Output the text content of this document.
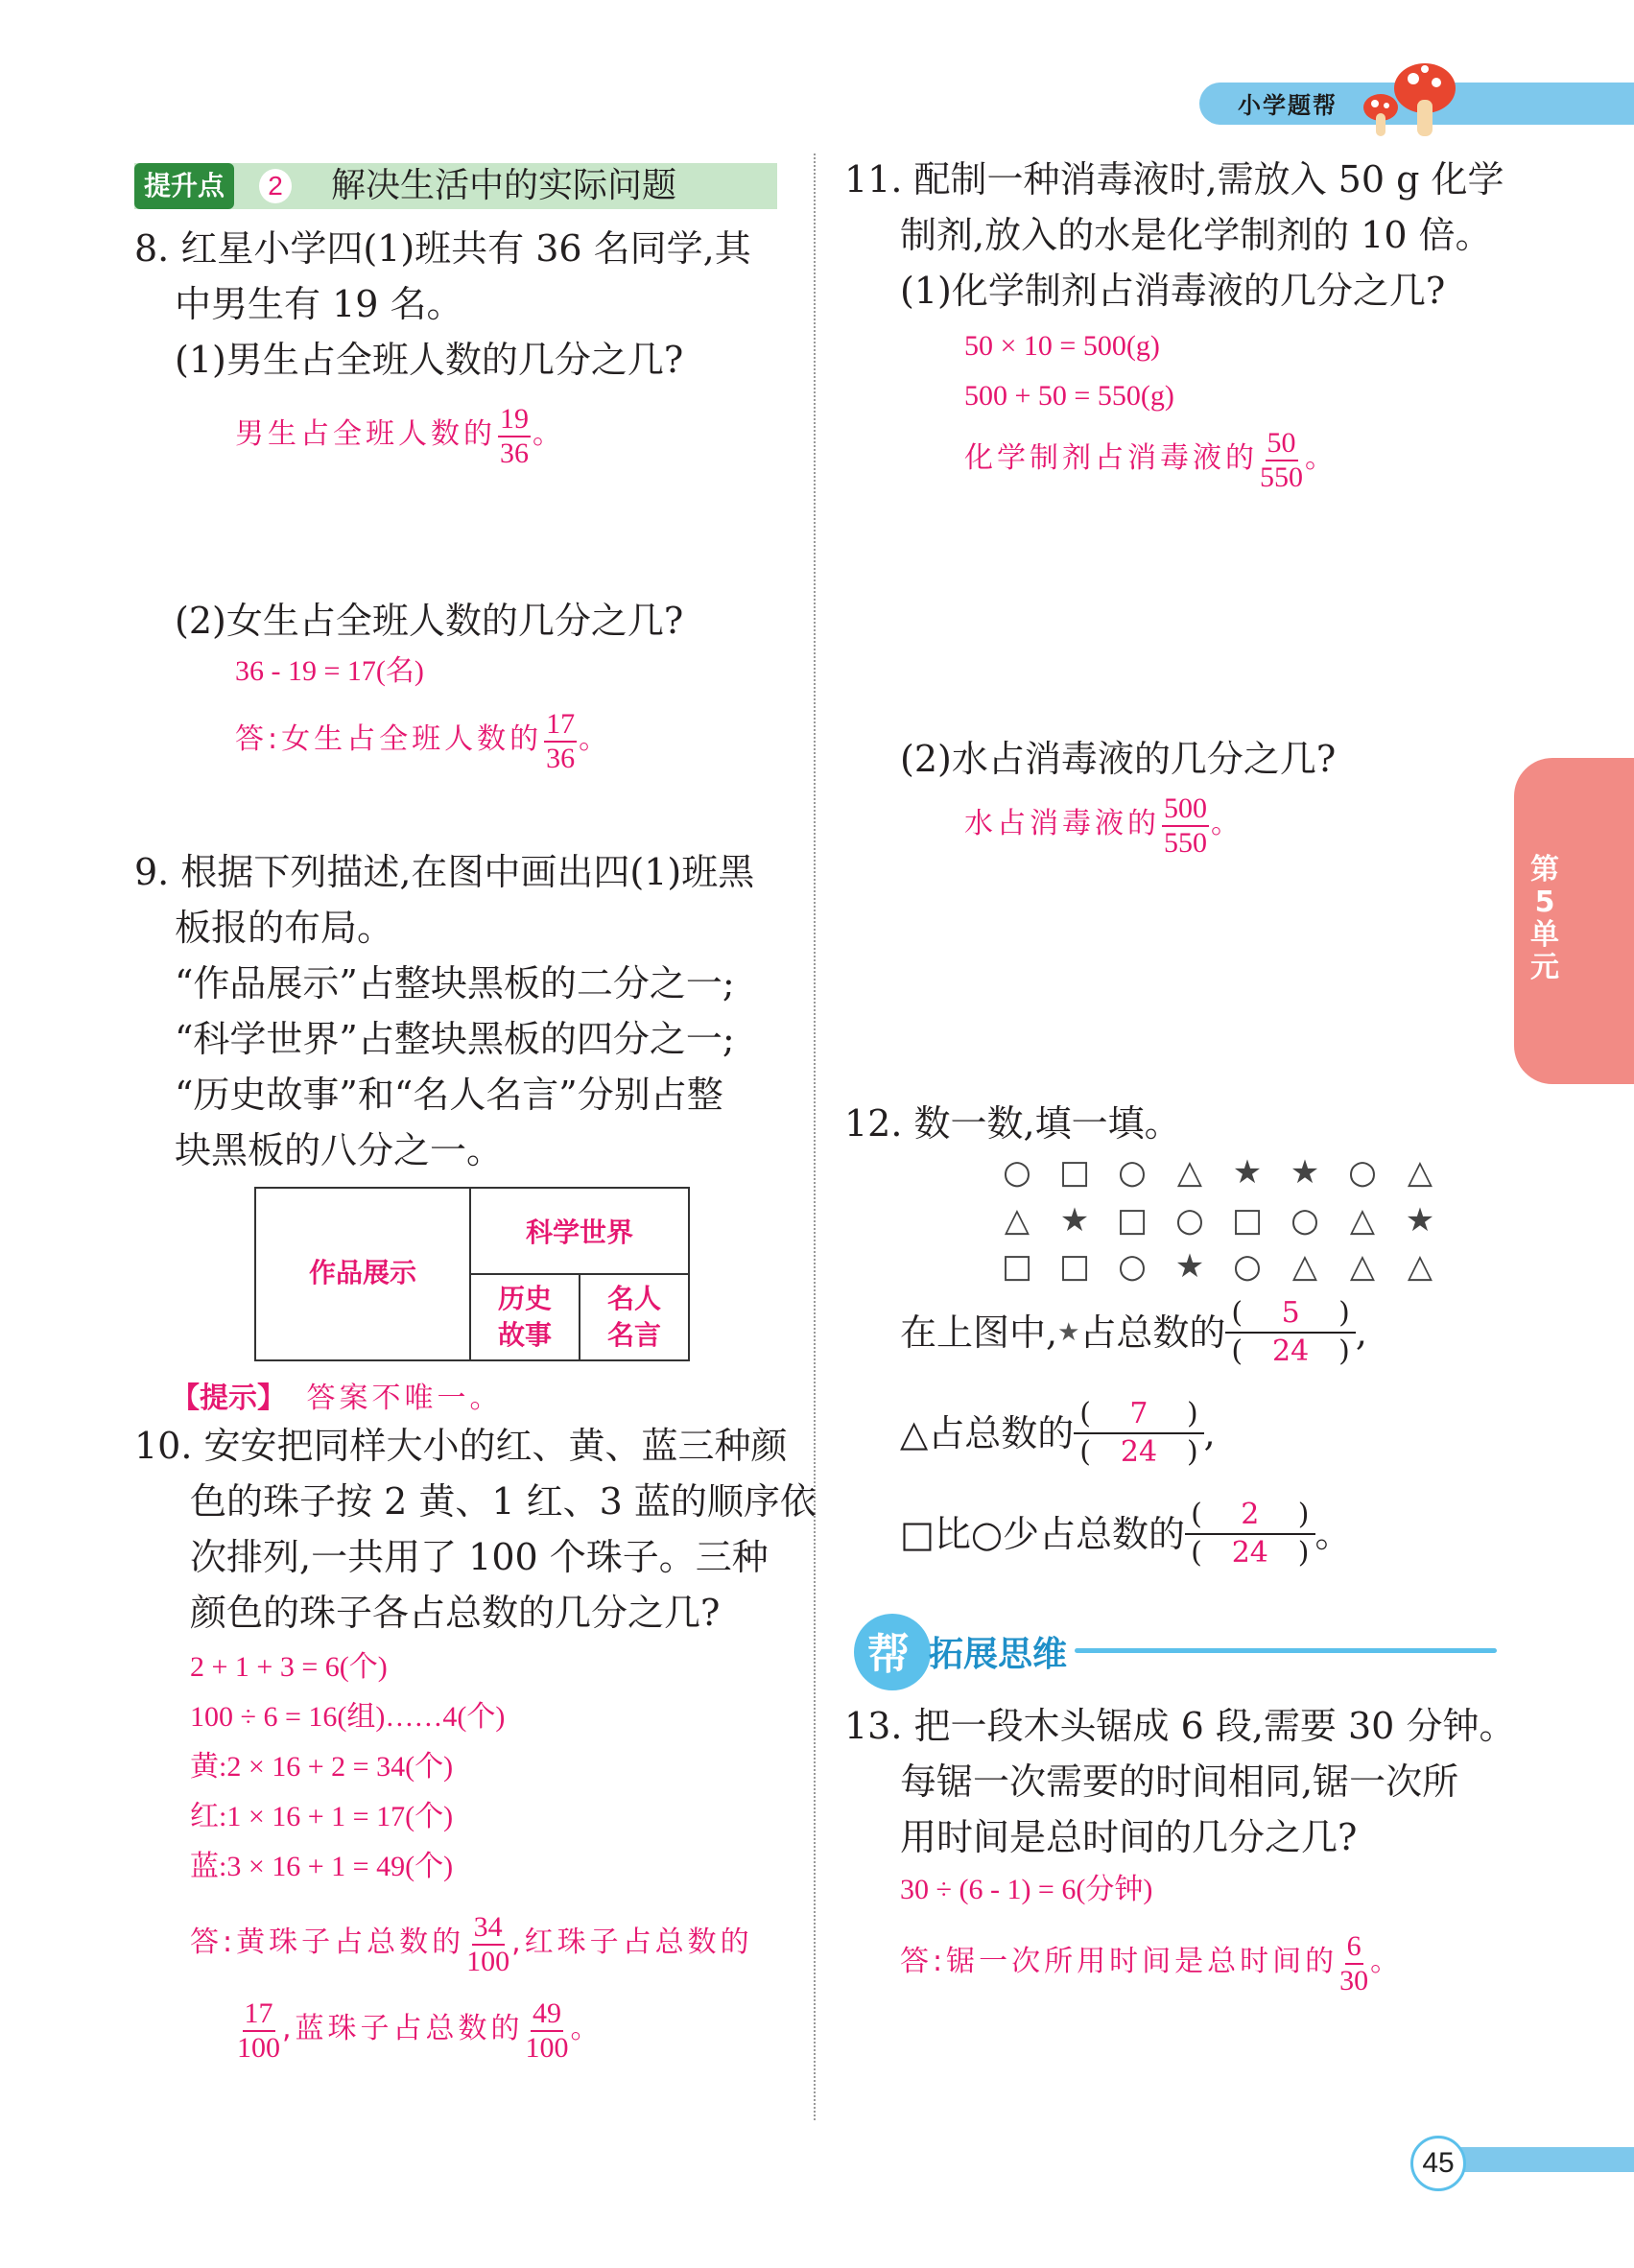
小学题帮
提升点	2 解决生活中的实际问题
8. 红星小学四(1)班共有 36 名同学,其
中男生有 19 名。
(1)男生占全班人数的几分之几?
男生占全班人数的 $\frac{19}{36}$ 。
(2)女生占全班人数的几分之几?
36 - 19 = 17(名)
答:女生占全班人数的 $\frac{17}{36}$ 。
9. 根据下列描述,在图中画出四(1)班黑
板报的布局。
“作品展示”占整块黑板的二分之一;
“科学世界”占整块黑板的四分之一;
“历史故事”和“名人名言”分别占整
块黑板的八分之一。
作品展示
科学世界
历史
故事
名人
名言
【提示】 答案不唯一。
10. 安安把同样大小的红、黄、蓝三种颜
色的珠子按 2 黄、1 红、3 蓝的顺序依
次排列,一共用了 100 个珠子。三种
颜色的珠子各占总数的几分之几?
2 + 1 + 3 = 6(个)
100 ÷ 6 = 16(组)……4(个)
黄:2 × 16 + 2 = 34(个)
红:1 × 16 + 1 = 17(个)
蓝:3 × 16 + 1 = 49(个)
答:黄珠子占总数的 $\frac{34}{100}$ ,红珠子占总数的
$\frac{17}{100}$ ,蓝珠子占总数的 $\frac{49}{100}$ 。
11. 配制一种消毒液时,需放入 50 g 化学
制剂,放入的水是化学制剂的 10 倍。
(1)化学制剂占消毒液的几分之几?
50 × 10 = 500(g)
500 + 50 = 550(g)
化学制剂占消毒液的 $\frac{50}{550}$ 。
(2)水占消毒液的几分之几?
水占消毒液的 $\frac{500}{550}$ 。
第5单元
12. 数一数,填一填。
○ □ ○ △ ★ ★ ○ △
△ ★ □ ○ □ ○ △ ★
□ □ ○ ★ ○ △ △ △
在上图中, ★ 占总数的 ( 5 )
( 24 ) ,
△占总数的 ( 7 )
( 24 ) ,
□比○少占总数的 ( 2 )
( 24 ) 。
帮 拓展思维
13. 把一段木头锯成 6 段,需要 30 分钟。
每锯一次需要的时间相同,锯一次所
用时间是总时间的几分之几?
30 ÷ (6 - 1) = 6(分钟)
答:锯一次所用时间是总时间的 $\frac{6}{30}$ 。
45
